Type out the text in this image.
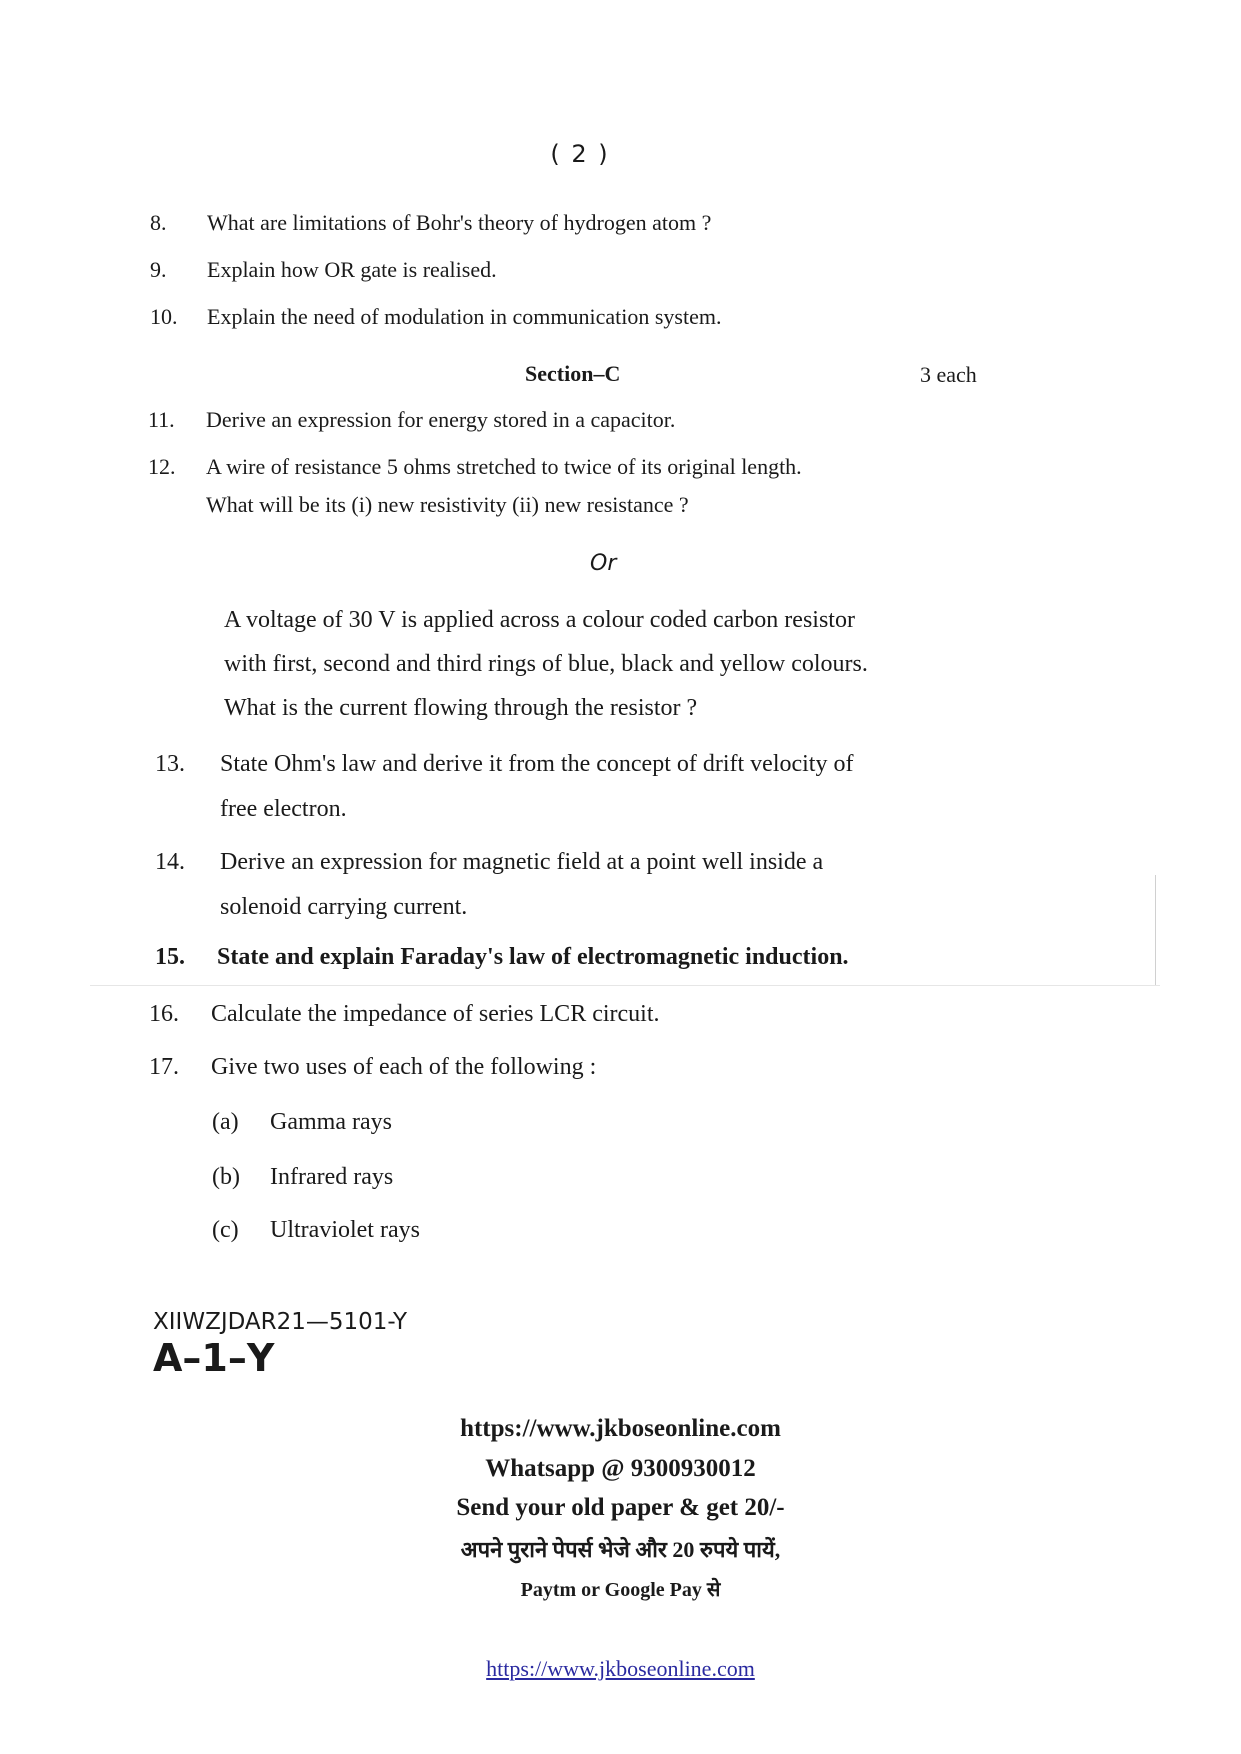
( 2 )
8. What are limitations of Bohr's theory of hydrogen atom ?
9. Explain how OR gate is realised.
10. Explain the need of modulation in communication system.
Section–C	3 each
11. Derive an expression for energy stored in a capacitor.
12. A wire of resistance 5 ohms stretched to twice of its original length.
What will be its (i) new resistivity (ii) new resistance ?
Or
A voltage of 30 V is applied across a colour coded carbon resistor
with first, second and third rings of blue, black and yellow colours.
What is the current flowing through the resistor ?
13. State Ohm's law and derive it from the concept of drift velocity of
free electron.
14. Derive an expression for magnetic field at a point well inside a
solenoid carrying current.
15. State and explain Faraday's law of electromagnetic induction.
16. Calculate the impedance of series LCR circuit.
17. Give two uses of each of the following :
(a) Gamma rays
(b) Infrared rays
(c) Ultraviolet rays
XIIWZJDAR21—5101-Y
A–1–Y
https://www.jkboseonline.com
Whatsapp @ 9300930012
Send your old paper & get 20/-
अपने पुराने पेपर्स भेजे और 20 रुपये पायें,
Paytm or Google Pay से
https://www.jkboseonline.com
